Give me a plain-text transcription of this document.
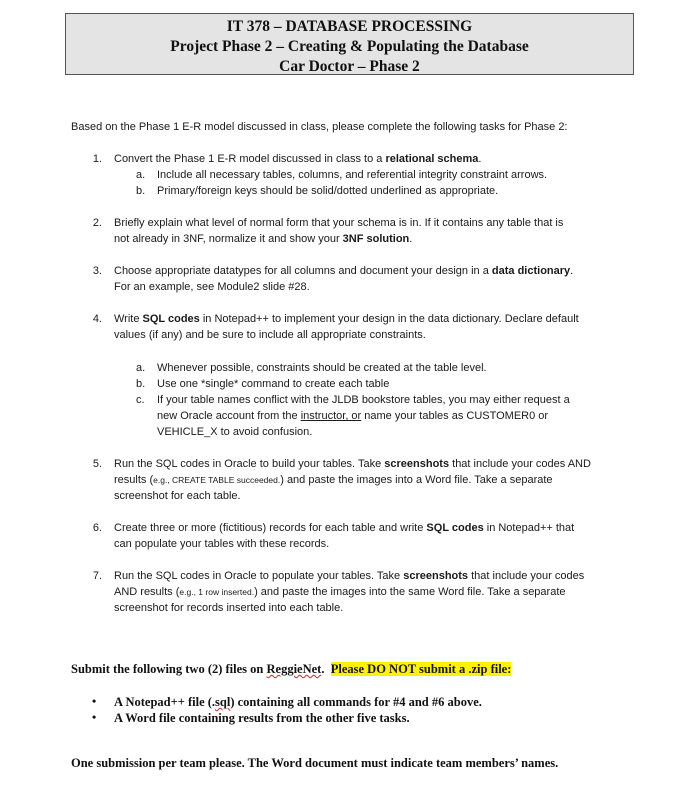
IT 378 – DATABASE PROCESSING
Project Phase 2 – Creating & Populating the Database
Car Doctor – Phase 2
Based on the Phase 1 E-R model discussed in class, please complete the following tasks for Phase 2:
1. Convert the Phase 1 E-R model discussed in class to a relational schema.
a.	Include all necessary tables, columns, and referential integrity constraint arrows.
b.	Primary/foreign keys should be solid/dotted underlined as appropriate.
2. Briefly explain what level of normal form that your schema is in. If it contains any table that is
not already in 3NF, normalize it and show your 3NF solution.
3. Choose appropriate datatypes for all columns and document your design in a data dictionary.
For an example, see Module2 slide #28.
4. Write SQL codes in Notepad++ to implement your design in the data dictionary. Declare default
values (if any) and be sure to include all appropriate constraints.
a.	Whenever possible, constraints should be created at the table level.
b.	Use one *single* command to create each table
c.	If your table names conflict with the JLDB bookstore tables, you may either request a
new Oracle account from the instructor, or name your tables as CUSTOMER0 or
VEHICLE_X to avoid confusion.
5. Run the SQL codes in Oracle to build your tables. Take screenshots that include your codes AND
results (e.g., CREATE TABLE succeeded.) and paste the images into a Word file. Take a separate
screenshot for each table.
6. Create three or more (fictitious) records for each table and write SQL codes in Notepad++ that
can populate your tables with these records.
7. Run the SQL codes in Oracle to populate your tables. Take screenshots that include your codes
AND results (e.g., 1 row inserted.) and paste the images into the same Word file. Take a separate
screenshot for records inserted into each table.
Submit the following two (2) files on ReggieNet.  Please DO NOT submit a .zip file:
• A Notepad++ file (.sql) containing all commands for #4 and #6 above.
• A Word file containing results from the other five tasks.
One submission per team please. The Word document must indicate team members’ names.
